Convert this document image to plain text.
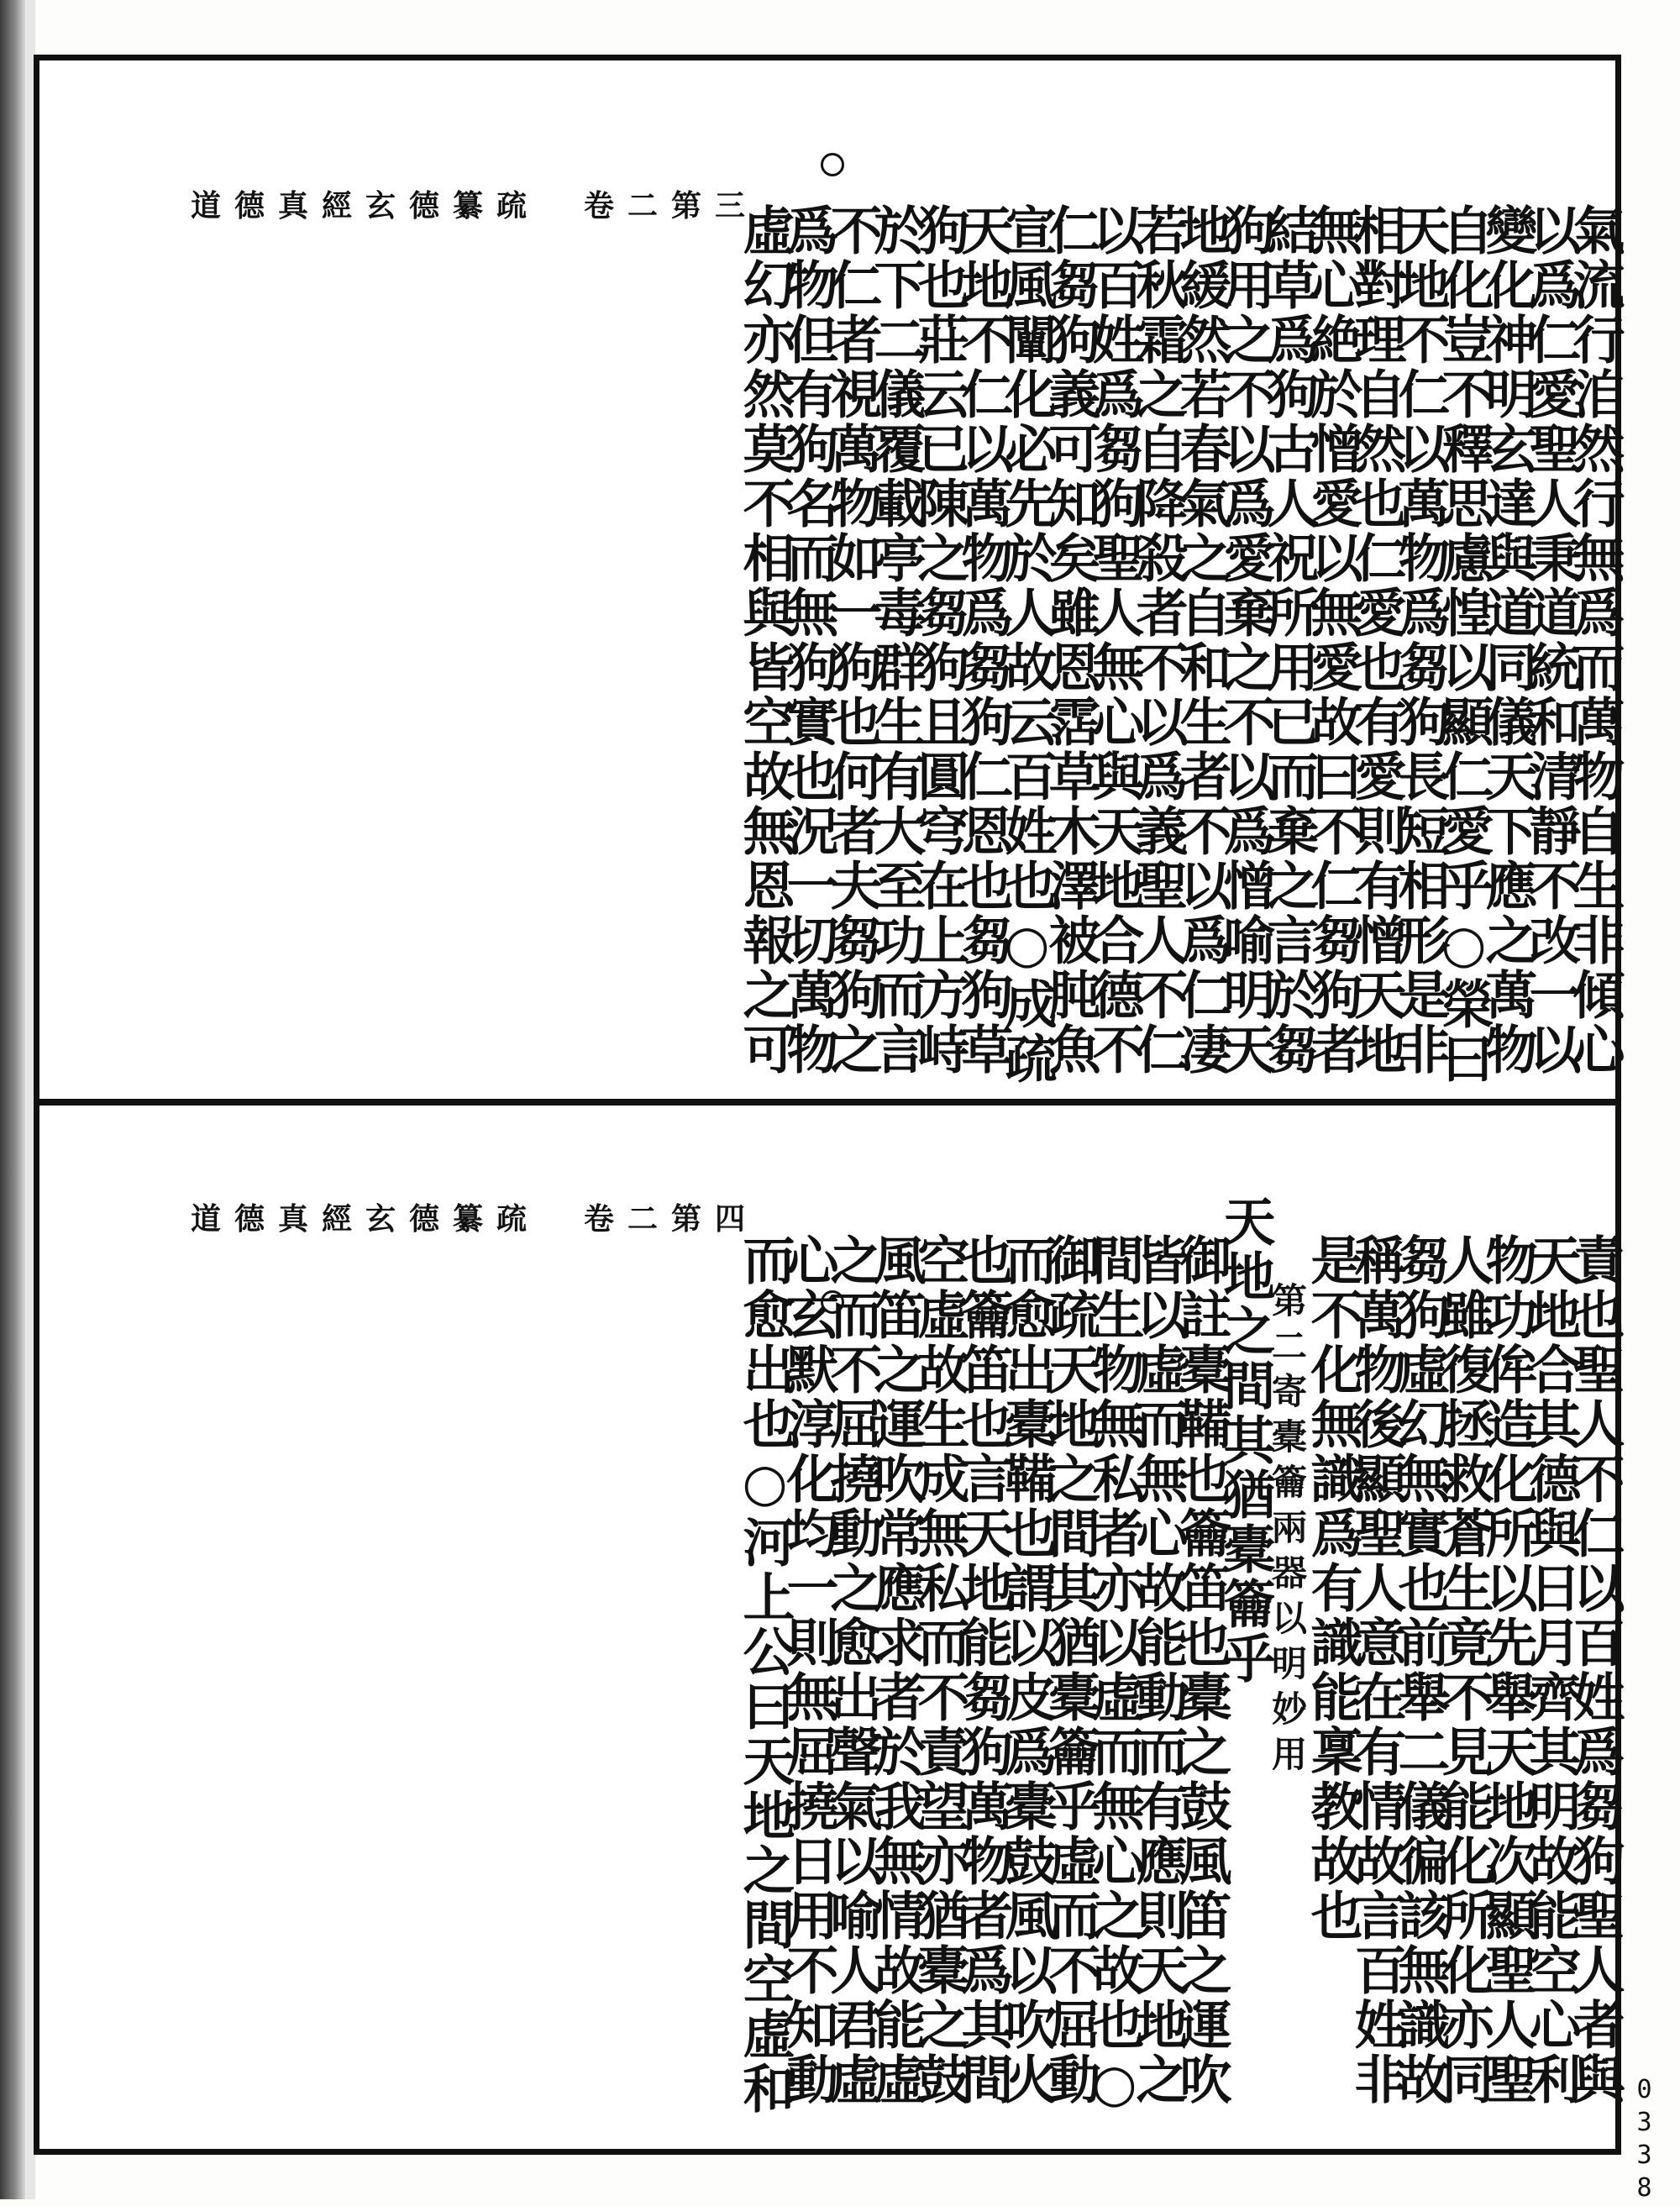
道德真經玄德纂疏　卷二第三	氣流行洎然行無爲而萬物自生非傾心
以爲仁愛聖人秉道統和清靜不改一以
變化神明玄達與道同儀天下應之萬物
自化豈不釋思慮惶以顯仁愛乎○榮曰
天地不仁以萬物爲芻狗長短相形是非
相對理自然也仁愛也有愛則有憎天地
無心絶於憎愛以無愛故曰不仁芻狗者
結草爲狗古人祝所用已而棄之言於芻
狗用之不以爲愛棄之不以爲憎喻明天
地緩然若春氣之自和生者不以爲仁凄
若秋霜之自降殺者不以爲義聖人不仁
以百姓爲芻狗聖人無心與天地合德不
仁芻狗義可知矣雖恩霑草木澤被肫魚
宣風闡化必先於人故云百姓也○成疏
天地不仁以萬物爲芻狗仁恩也芻狗草
狗也莊云已陳之芻狗且圓穹在上方峙
於下二儀覆載亭毒群生有大至功而言
不仁者視萬物如一狗也何者夫芻狗之
爲物但有狗名而無狗實也況一切萬物
虛幻亦然莫不相與皆空故無恩報之可
道德真經玄德纂疏　卷二第四
責也聖人不仁以百姓爲芻狗聖人者與
天地合其德與日月齊其明故能空心利
物功侔造化所以先舉天地次顯聖人聖
人雖復拯救蒼生竟不見能化所化亦同
芻狗虛幻無實也前舉二儀徧該無識故
稱萬物後顯聖人意在有情故言百姓非
是不化無識爲有識能稟教故也
第二寄橐籥兩器以明妙用
天地之間其猶橐籥乎
御註橐鞴也籥笛也橐之鼓風笛之運吹
皆以虛而無心故能動而有應則天地之
間生物無私者亦以虛而無心之故也○
御疏天地之間其猶橐籥乎虛而不屈動
而愈出橐鞴也謂以皮爲橐鼓風以吹火
也籥笛也言天地能芻狗萬物者爲其間
空虛故生成無私而不責望亦猶橐之鼓
風笛之運吹常應求者於我無情故能虛
之而不屈撓動之愈出聲氣以喻人君虛
心玄默淳化均一則無屈撓日用不知動
而愈出也○河上公曰天地之間空虛和
0338
